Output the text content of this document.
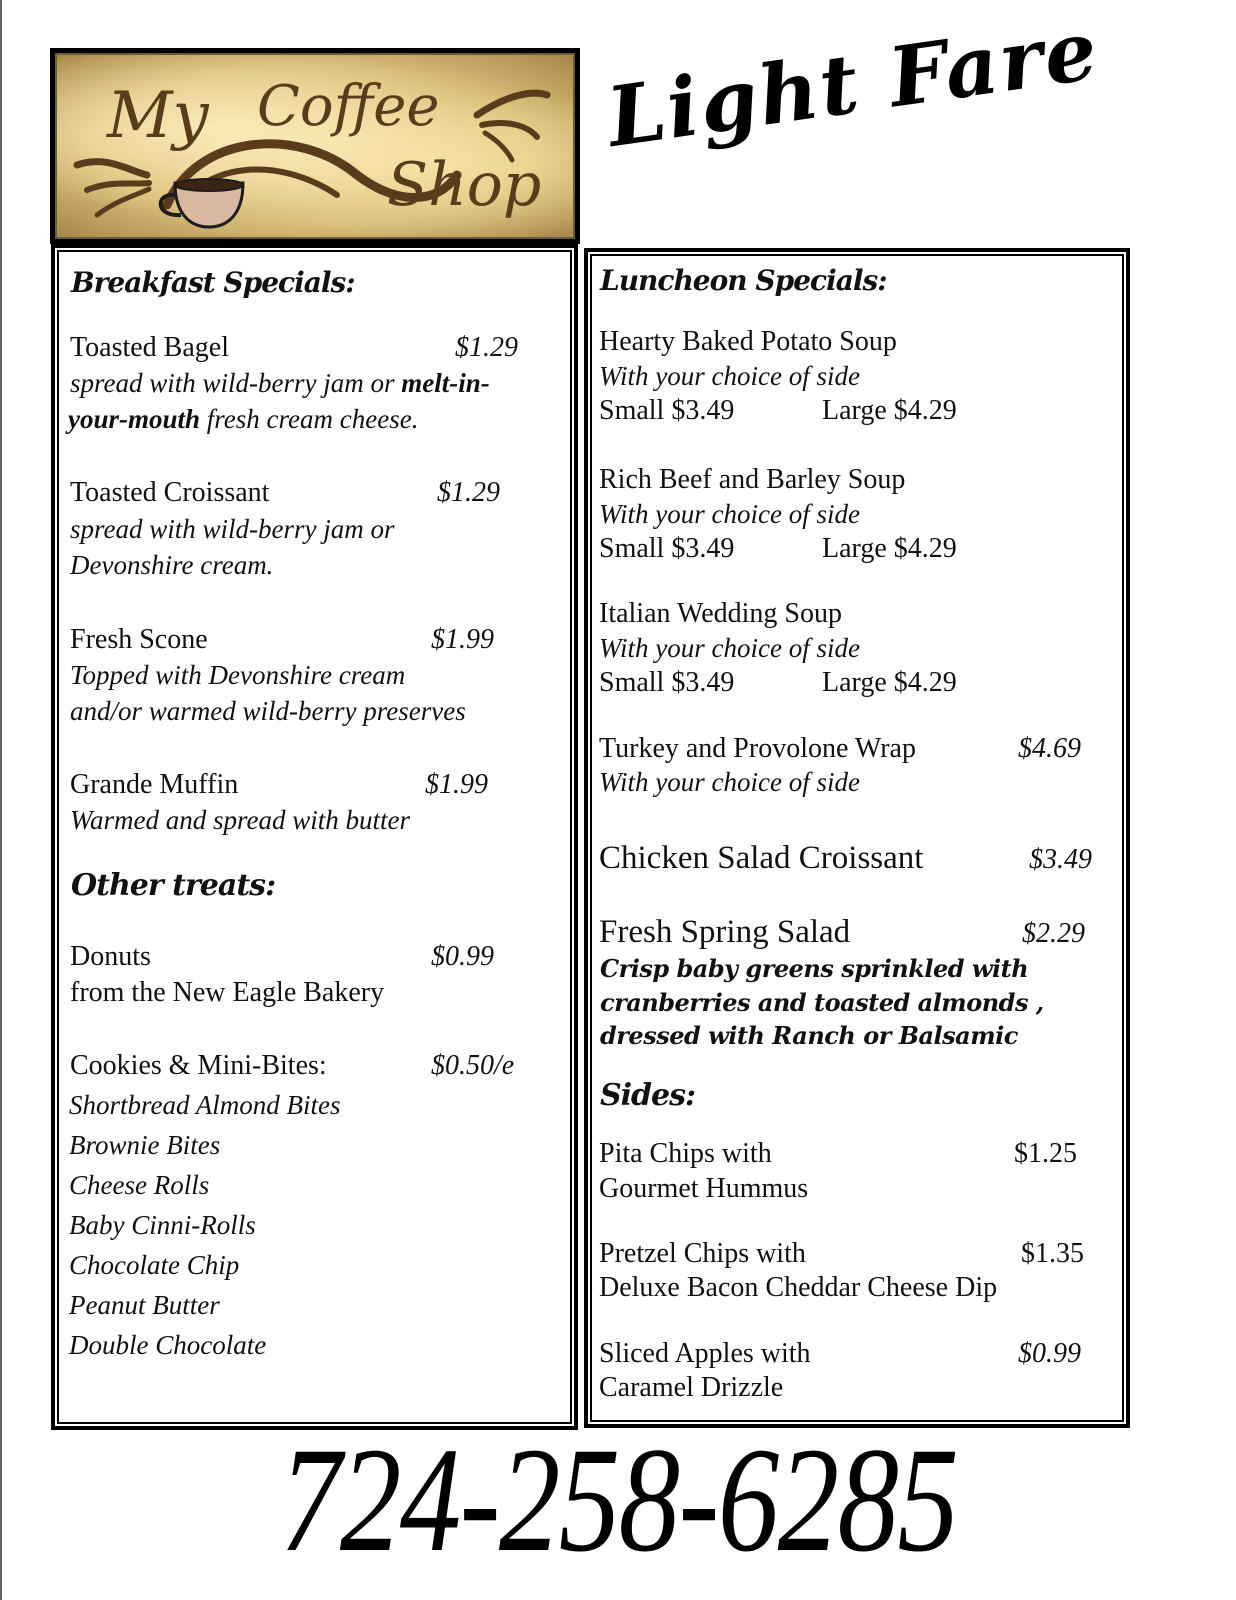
My Coffee
Shop
Light Fare
Breakfast Specials:
Toasted Bagel	$1.29
spread with wild-berry jam or melt-in-
your-mouth fresh cream cheese.
Toasted Croissant	$1.29
spread with wild-berry jam or
Devonshire cream.
Fresh Scone	$1.99
Topped with Devonshire cream
and/or warmed wild-berry preserves
Grande Muffin	$1.99
Warmed and spread with butter
Other treats:
Donuts	$0.99
from the New Eagle Bakery
Cookies & Mini-Bites:	$0.50/e
Shortbread Almond Bites
Brownie Bites
Cheese Rolls
Baby Cinni-Rolls
Chocolate Chip
Peanut Butter
Double Chocolate
Luncheon Specials:
Hearty Baked Potato Soup
With your choice of side
Small $3.49	Large $4.29
Rich Beef and Barley Soup
With your choice of side
Small $3.49	Large $4.29
Italian Wedding Soup
With your choice of side
Small $3.49	Large $4.29
Turkey and Provolone Wrap	$4.69
With your choice of side
Chicken Salad Croissant	$3.49
Fresh Spring Salad	$2.29
Crisp baby greens sprinkled with
cranberries and toasted almonds ,
dressed with Ranch or Balsamic
Sides:
Pita Chips with	$1.25
Gourmet Hummus
Pretzel Chips with	$1.35
Deluxe Bacon Cheddar Cheese Dip
Sliced Apples with	$0.99
Caramel Drizzle
724-258-6285
